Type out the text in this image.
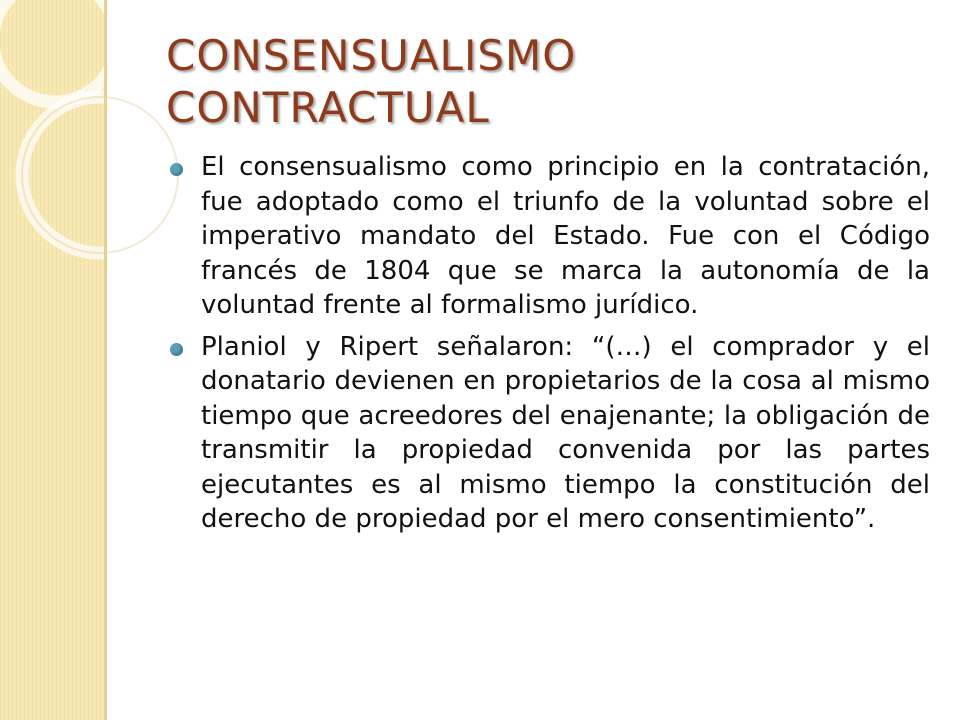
CONSENSUALISMO
CONTRACTUAL
El consensualismo como principio en la contratación, fue adoptado como el triunfo de la voluntad sobre el imperativo mandato del Estado. Fue con el Código francés de 1804 que se marca la autonomía de la voluntad frente al formalismo jurídico.
Planiol y Ripert señalaron: “(…) el comprador y el donatario devienen en propietarios de la cosa al mismo tiempo que acreedores del enajenante; la obligación de transmitir la propiedad convenida por las partes ejecutantes es al mismo tiempo la constitución del derecho de propiedad por el mero consentimiento”.
